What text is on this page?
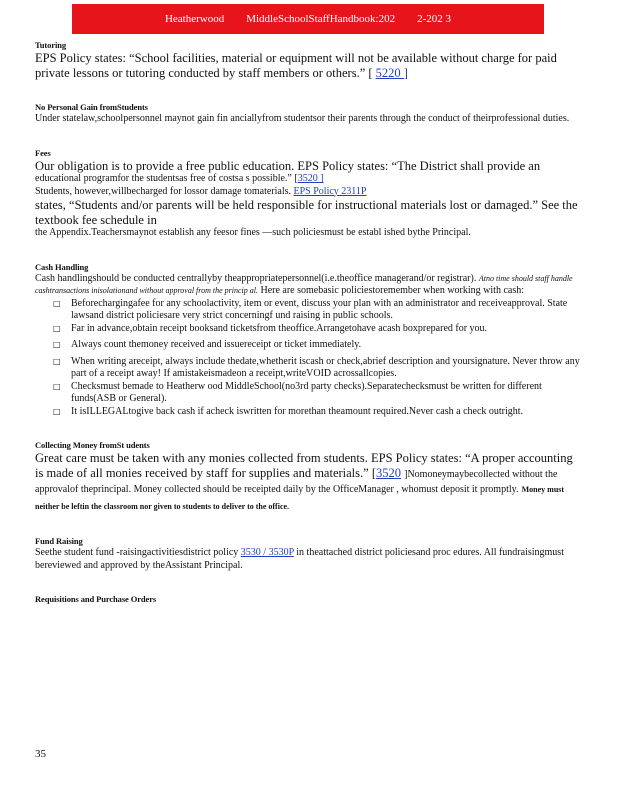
Heatherwood        MiddleSchoolStaffHandbook:202        2-202 3

Tutoring

EPS Policy states: “School facilities, material or equipment will not be available without charge for paid private lessons or tutoring conducted by staff members or others.” [ 5220 ]

No Personal Gain fromStudents

Under statelaw,schoolpersonnel maynot gain fin anciallyfrom studentsor their parents through the conduct of theirprofessional duties.

Fees

Our obligation is to provide a free public education. EPS Policy states: “The District shall provide an

educational programfor the studentsas free of costsa s possible.” [3520 ]
Students, however,willbecharged for lossor damage tomaterials. EPS Policy 2311P

states, “Students and/or parents will be held responsible for instructional materials lost or damaged.” See the textbook fee schedule in

the Appendix.Teachersmaynot establish any feesor fines —such policiesmust be establ ished bythe Principal.

Cash Handling

Cash handlingshould be conducted centrallyby theappropriatepersonnel(i.e.theoffice managerand/or registrar). Atno time should staff handle cashtransactions inisolationand without approval from the princip al. Here are somebasic policiestoremember when working with cash:

□ Beforechargingafee for any schoolactivity, item or event, discuss your plan with an administrator and receiveapproval. State lawsand district policiesare very strict concerningf und raising in public schools.
□ Far in advance,obtain receipt booksand ticketsfrom theoffice.Arrangetohave acash boxprepared for you.
□ Always count themoney received and issuereceipt or ticket immediately.
□ When writing areceipt, always include thedate,whetherit iscash or check,abrief description and yoursignature. Never throw any part of a receipt away! If amistakeismadeon a receipt,writeVOID acrossallcopies.
□ Checksmust bemade to Heatherw ood MiddleSchool(no3rd party checks).Separatechecksmust be written for different funds(ASB or General).
□ It isILLEGALtogive back cash if acheck iswritten for morethan theamount required.Never cash a check outright.

Collecting Money fromSt udents

Great care must be taken with any monies collected from students. EPS Policy states: “A proper accounting is made of all monies received by staff for supplies and materials.” [3520 ]Nomoneymaybecollected without the approvalof theprincipal. Money collected should be receipted daily by the OfficeManager , whomust deposit it promptly. Money must neither be leftin the classroom nor given to students to deliver to the office.

Fund Raising

Seethe student fund -raisingactivitiesdistrict policy 3530 / 3530P in theattached district policiesand proc edures. All fundraisingmust bereviewed and approved by theAssistant Principal.

Requisitions and Purchase Orders

35
